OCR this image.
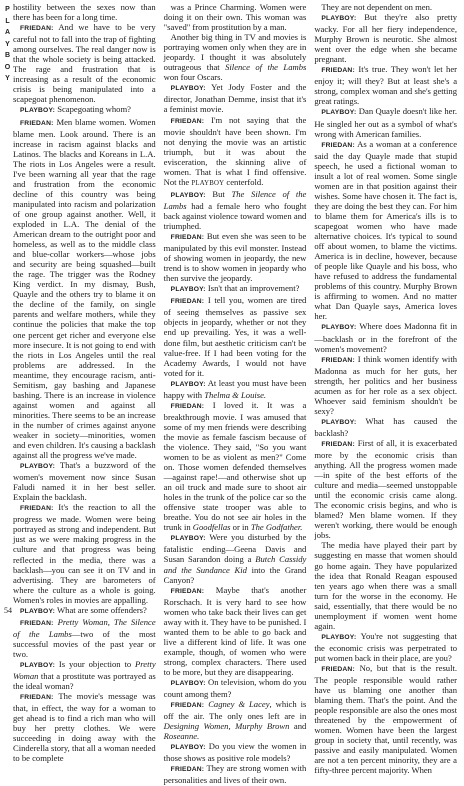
P
L
A
Y
B
O
Y

hostility between the sexes now than there has been for a long time.

FRIEDAN: And we have to be very careful not to fall into the trap of fighting among ourselves. The real danger now is that the whole society is being attacked. The rage and frustration that is increasing as a result of the economic crisis is being manipulated into a scapegoat phenomenon.

PLAYBOY: Scapegoating whom?

FRIEDAN: Men blame women. Women blame men. Look around. There is an increase in racism against blacks and Latinos. The blacks and Koreans in L.A. The riots in Los Angeles were a result. I've been warning all year that the rage and frustration from the economic decline of this country was being manipulated into racism and polarization of one group against another. Well, it exploded in L.A. The denial of the American dream to the outright poor and homeless, as well as to the middle class and blue-collar workers—whose jobs and security are being squashed—built the rage. The trigger was the Rodney King verdict. In my dismay, Bush, Quayle and the others try to blame it on the decline of the family, on single parents and welfare mothers, while they continue the policies that make the top one percent get richer and everyone else more insecure. It is not going to end with the riots in Los Angeles until the real problems are addressed. In the meantime, they encourage racism, anti-Semitism, gay bashing and Japanese bashing. There is an increase in violence against women and against all minorities. There seems to be an increase in the number of crimes against anyone weaker in society—minorities, women and even children. It's causing a backlash against all the progress we've made.

PLAYBOY: That's a buzzword of the women's movement now since Susan Faludi named it in her best seller. Explain the backlash.

FRIEDAN: It's the reaction to all the progress we made. Women were being portrayed as strong and independent. But just as we were making progress in the culture and that progress was being reflected in the media, there was a backlash—you can see it on TV and in advertising. They are barometers of where the culture as a whole is going. Women's roles in movies are appalling.

PLAYBOY: What are some offenders?

FRIEDAN: Pretty Woman, The Silence of the Lambs—two of the most successful movies of the past year or two.

PLAYBOY: Is your objection to Pretty Woman that a prostitute was portrayed as the ideal woman?

FRIEDAN: The movie's message was that, in effect, the way for a woman to get ahead is to find a rich man who will buy her pretty clothes. We were succeeding in doing away with the Cinderella story, that all a woman needed to be complete

was a Prince Charming. Women were doing it on their own. This woman was "saved" from prostitution by a man.

Another big thing in TV and movies is portraying women only when they are in jeopardy. I thought it was absolutely outrageous that Silence of the Lambs won four Oscars.

PLAYBOY: Yet Jody Foster and the director, Jonathan Demme, insist that it's a feminist movie.

FRIEDAN: I'm not saying that the movie shouldn't have been shown. I'm not denying the movie was an artistic triumph, but it was about the evisceration, the skinning alive of women. That is what I find offensive. Not the PLAYBOY centerfold.

PLAYBOY: But The Silence of the Lambs had a female hero who fought back against violence toward women and triumphed.

FRIEDAN: But even she was seen to be manipulated by this evil monster. Instead of showing women in jeopardy, the new trend is to show women in jeopardy who then survive the jeopardy.

PLAYBOY: Isn't that an improvement?

FRIEDAN: I tell you, women are tired of seeing themselves as passive sex objects in jeopardy, whether or not they end up prevailing. Yes, it was a well-done film, but aesthetic criticism can't be value-free. If I had been voting for the Academy Awards, I would not have voted for it.

PLAYBOY: At least you must have been happy with Thelma & Louise.

FRIEDAN: I loved it. It was a breakthrough movie. I was amused that some of my men friends were describing the movie as female fascism because of the violence. They said, "So you want women to be as violent as men?" Come on. Those women defended themselves—against rape!—and otherwise shot up an oil truck and made sure to shoot air holes in the trunk of the police car so the offensive state trooper was able to breathe. You do not see air holes in the trunk in Goodfellas or in The Godfather.

PLAYBOY: Were you disturbed by the fatalistic ending—Geena Davis and Susan Sarandon doing a Butch Cassidy and the Sundance Kid into the Grand Canyon?

FRIEDAN: Maybe that's another Rorschach. It is very hard to see how women who take back their lives can get away with it. They have to be punished. I wanted them to be able to go back and live a different kind of life. It was one example, though, of women who were strong, complex characters. There used to be more, but they are disappearing.

PLAYBOY: On television, whom do you count among them?

FRIEDAN: Cagney & Lacey, which is off the air. The only ones left are in Designing Women, Murphy Brown and Roseanne.

PLAYBOY: Do you view the women in those shows as positive role models?

FRIEDAN: They are strong women with personalities and lives of their own.

They are not dependent on men.

PLAYBOY: But they're also pretty wacky. For all her fiery independence, Murphy Brown is neurotic. She almost went over the edge when she became pregnant.

FRIEDAN: It's true. They won't let her enjoy it; will they? But at least she's a strong, complex woman and she's getting great ratings.

PLAYBOY: Dan Quayle doesn't like her. He singled her out as a symbol of what's wrong with American families.

FRIEDAN: As a woman at a conference said the day Quayle made that stupid speech, he used a fictional woman to insult a lot of real women. Some single women are in that position against their wishes. Some have chosen it. The fact is, they are doing the best they can. For him to blame them for America's ills is to scapegoat women who have made alternative choices. It's typical to sound off about women, to blame the victims. America is in decline, however, because of people like Quayle and his boss, who have refused to address the fundamental problems of this country. Murphy Brown is affirming to women. And no matter what Dan Quayle says, America loves her.

PLAYBOY: Where does Madonna fit in—backlash or in the forefront of the women's movement?

FRIEDAN: I think women identify with Madonna as much for her guts, her strength, her politics and her business acumen as for her role as a sex object. Whoever said feminism shouldn't be sexy?

PLAYBOY: What has caused the backlash?

FRIEDAN: First of all, it is exacerbated more by the economic crisis than anything. All the progress women made—in spite of the best efforts of the culture and media—seemed unstoppable until the economic crisis came along. The economic crisis begins, and who is blamed? Men blame women. If they weren't working, there would be enough jobs.

The media have played their part by suggesting en masse that women should go home again. They have popularized the idea that Ronald Reagan espoused ten years ago when there was a small turn for the worse in the economy. He said, essentially, that there would be no unemployment if women went home again.

PLAYBOY: You're not suggesting that the economic crisis was perpetrated to put women back in their place, are you?

FRIEDAN: No, but that is the result. The people responsible would rather have us blaming one another than blaming them. That's the point. And the people responsible are also the ones most threatened by the empowerment of women. Women have been the largest group in society that, until recently, was passive and easily manipulated. Women are not a ten percent minority, they are a fifty-three percent majority. When

54
